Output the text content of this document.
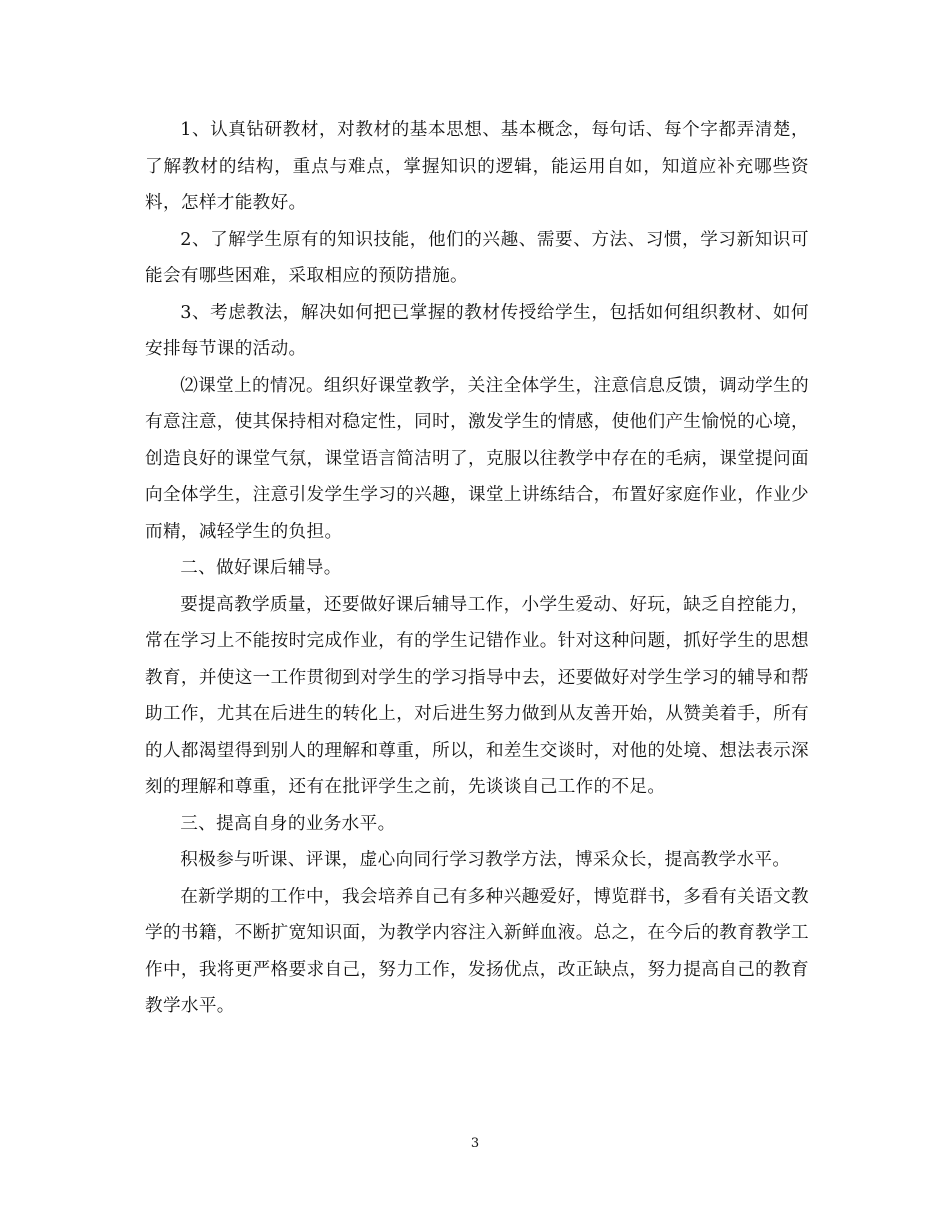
1、认真钻研教材，对教材的基本思想、基本概念，每句话、每个字都弄清楚，了解教材的结构，重点与难点，掌握知识的逻辑，能运用自如，知道应补充哪些资料，怎样才能教好。

2、了解学生原有的知识技能，他们的兴趣、需要、方法、习惯，学习新知识可能会有哪些困难，采取相应的预防措施。

3、考虑教法，解决如何把已掌握的教材传授给学生，包括如何组织教材、如何安排每节课的活动。

⑵课堂上的情况。组织好课堂教学，关注全体学生，注意信息反馈，调动学生的有意注意，使其保持相对稳定性，同时，激发学生的情感，使他们产生愉悦的心境，创造良好的课堂气氛，课堂语言简洁明了，克服以往教学中存在的毛病，课堂提问面向全体学生，注意引发学生学习的兴趣，课堂上讲练结合，布置好家庭作业，作业少而精，减轻学生的负担。

二、做好课后辅导。

要提高教学质量，还要做好课后辅导工作，小学生爱动、好玩，缺乏自控能力，常在学习上不能按时完成作业，有的学生记错作业。针对这种问题，抓好学生的思想教育，并使这一工作贯彻到对学生的学习指导中去，还要做好对学生学习的辅导和帮助工作，尤其在后进生的转化上，对后进生努力做到从友善开始，从赞美着手，所有的人都渴望得到别人的理解和尊重，所以，和差生交谈时，对他的处境、想法表示深刻的理解和尊重，还有在批评学生之前，先谈谈自己工作的不足。

三、提高自身的业务水平。

积极参与听课、评课，虚心向同行学习教学方法，博采众长，提高教学水平。

在新学期的工作中，我会培养自己有多种兴趣爱好，博览群书，多看有关语文教学的书籍，不断扩宽知识面，为教学内容注入新鲜血液。总之，在今后的教育教学工作中，我将更严格要求自己，努力工作，发扬优点，改正缺点，努力提高自己的教育教学水平。

3
